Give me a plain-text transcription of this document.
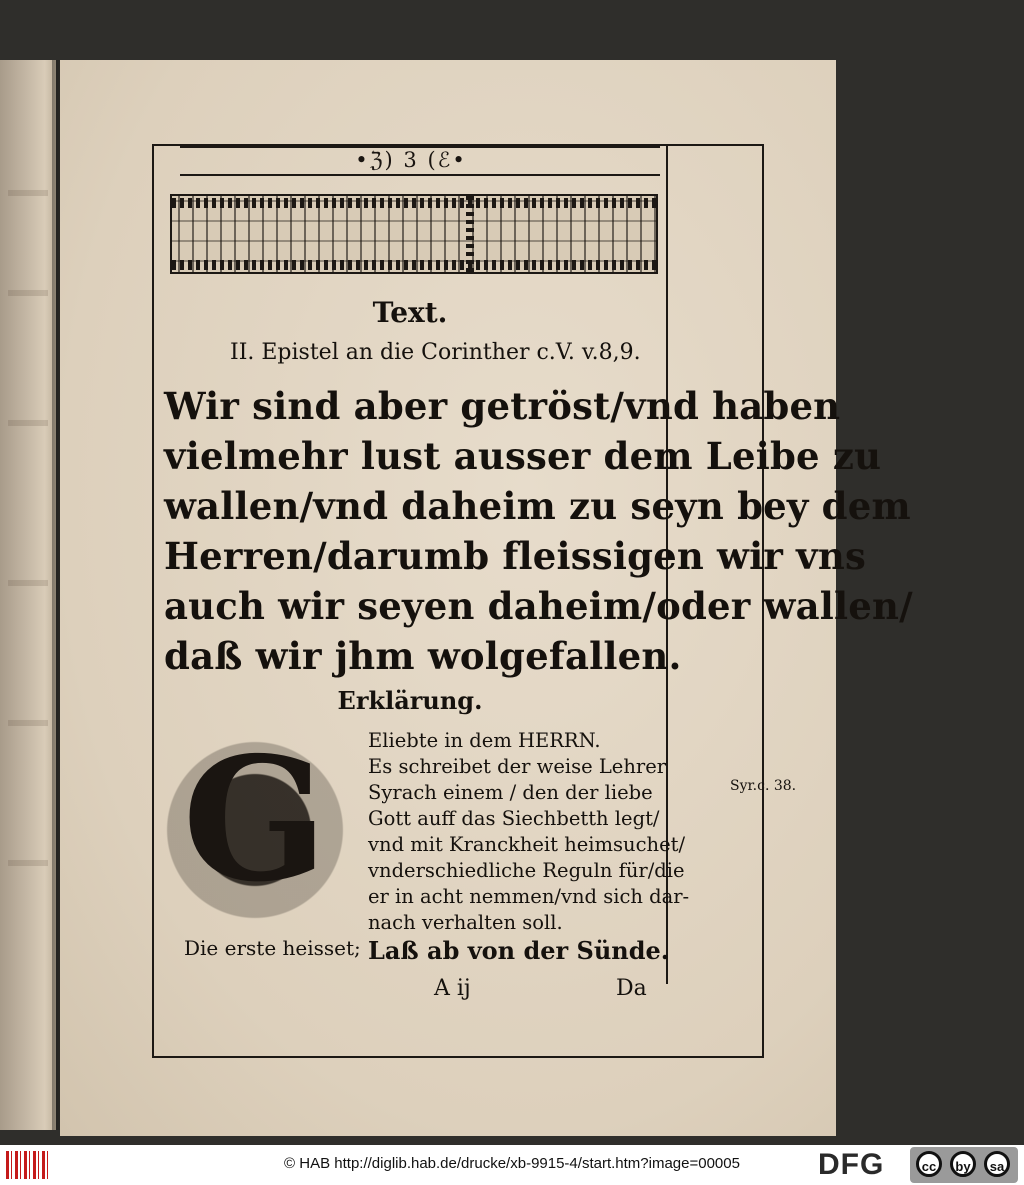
•ℨ) 3 (ℰ•
Text.
II. Epistel an die Corinther c.V. v.8,9.
Wir sind aber getröst/vnd haben
vielmehr lust ausser dem Leibe zu
wallen/vnd daheim zu seyn bey dem
Herren/darumb fleissigen wir vns
auch wir seyen daheim/oder wallen/
daß wir jhm wolgefallen.
Erklärung.
G	Eliebte in dem HERRN.
Es schreibet der weise Lehrer
Syrach einem / den der liebe
Gott auff das Siechbetth legt/
vnd mit Kranckheit heimsuchet/
vnderschiedliche Reguln für/die
er in acht nemmen/vnd sich dar-
nach verhalten soll.
Syr.c. 38.
Die erste heisset; Laß ab von der Sünde.
A ij	Da
© HAB http://diglib.hab.de/drucke/xb-9915-4/start.htm?image=00005	DFG	cc	by	sa
